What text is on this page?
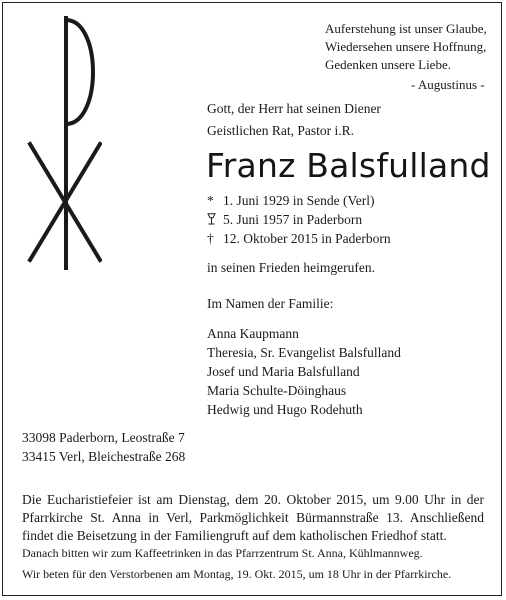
Auferstehung ist unser Glaube,
Wiedersehen unsere Hoffnung,
Gedenken unsere Liebe.
- Augustinus -
Gott, der Herr hat seinen Diener
Geistlichen Rat, Pastor i.R.
Franz Balsfulland
* 1. Juni 1929 in Sende (Verl)
5. Juni 1957 in Paderborn
† 12. Oktober 2015 in Paderborn
in seinen Frieden heimgerufen.
Im Namen der Familie:
Anna Kaupmann
Theresia, Sr. Evangelist Balsfulland
Josef und Maria Balsfulland
Maria Schulte-Döinghaus
Hedwig und Hugo Rodehuth
33098 Paderborn, Leostraße 7
33415 Verl, Bleichestraße 268
Die Eucharistiefeier ist am Dienstag, dem 20. Oktober 2015, um 9.00 Uhr in der Pfarrkirche St. Anna in Verl, Parkmöglichkeit Bürmannstraße 13. Anschließend findet die Beisetzung in der Familiengruft auf dem katholischen Friedhof statt.
Danach bitten wir zum Kaffeetrinken in das Pfarrzentrum St. Anna, Kühlmannweg.
Wir beten für den Verstorbenen am Montag, 19. Okt. 2015, um 18 Uhr in der Pfarrkirche.
